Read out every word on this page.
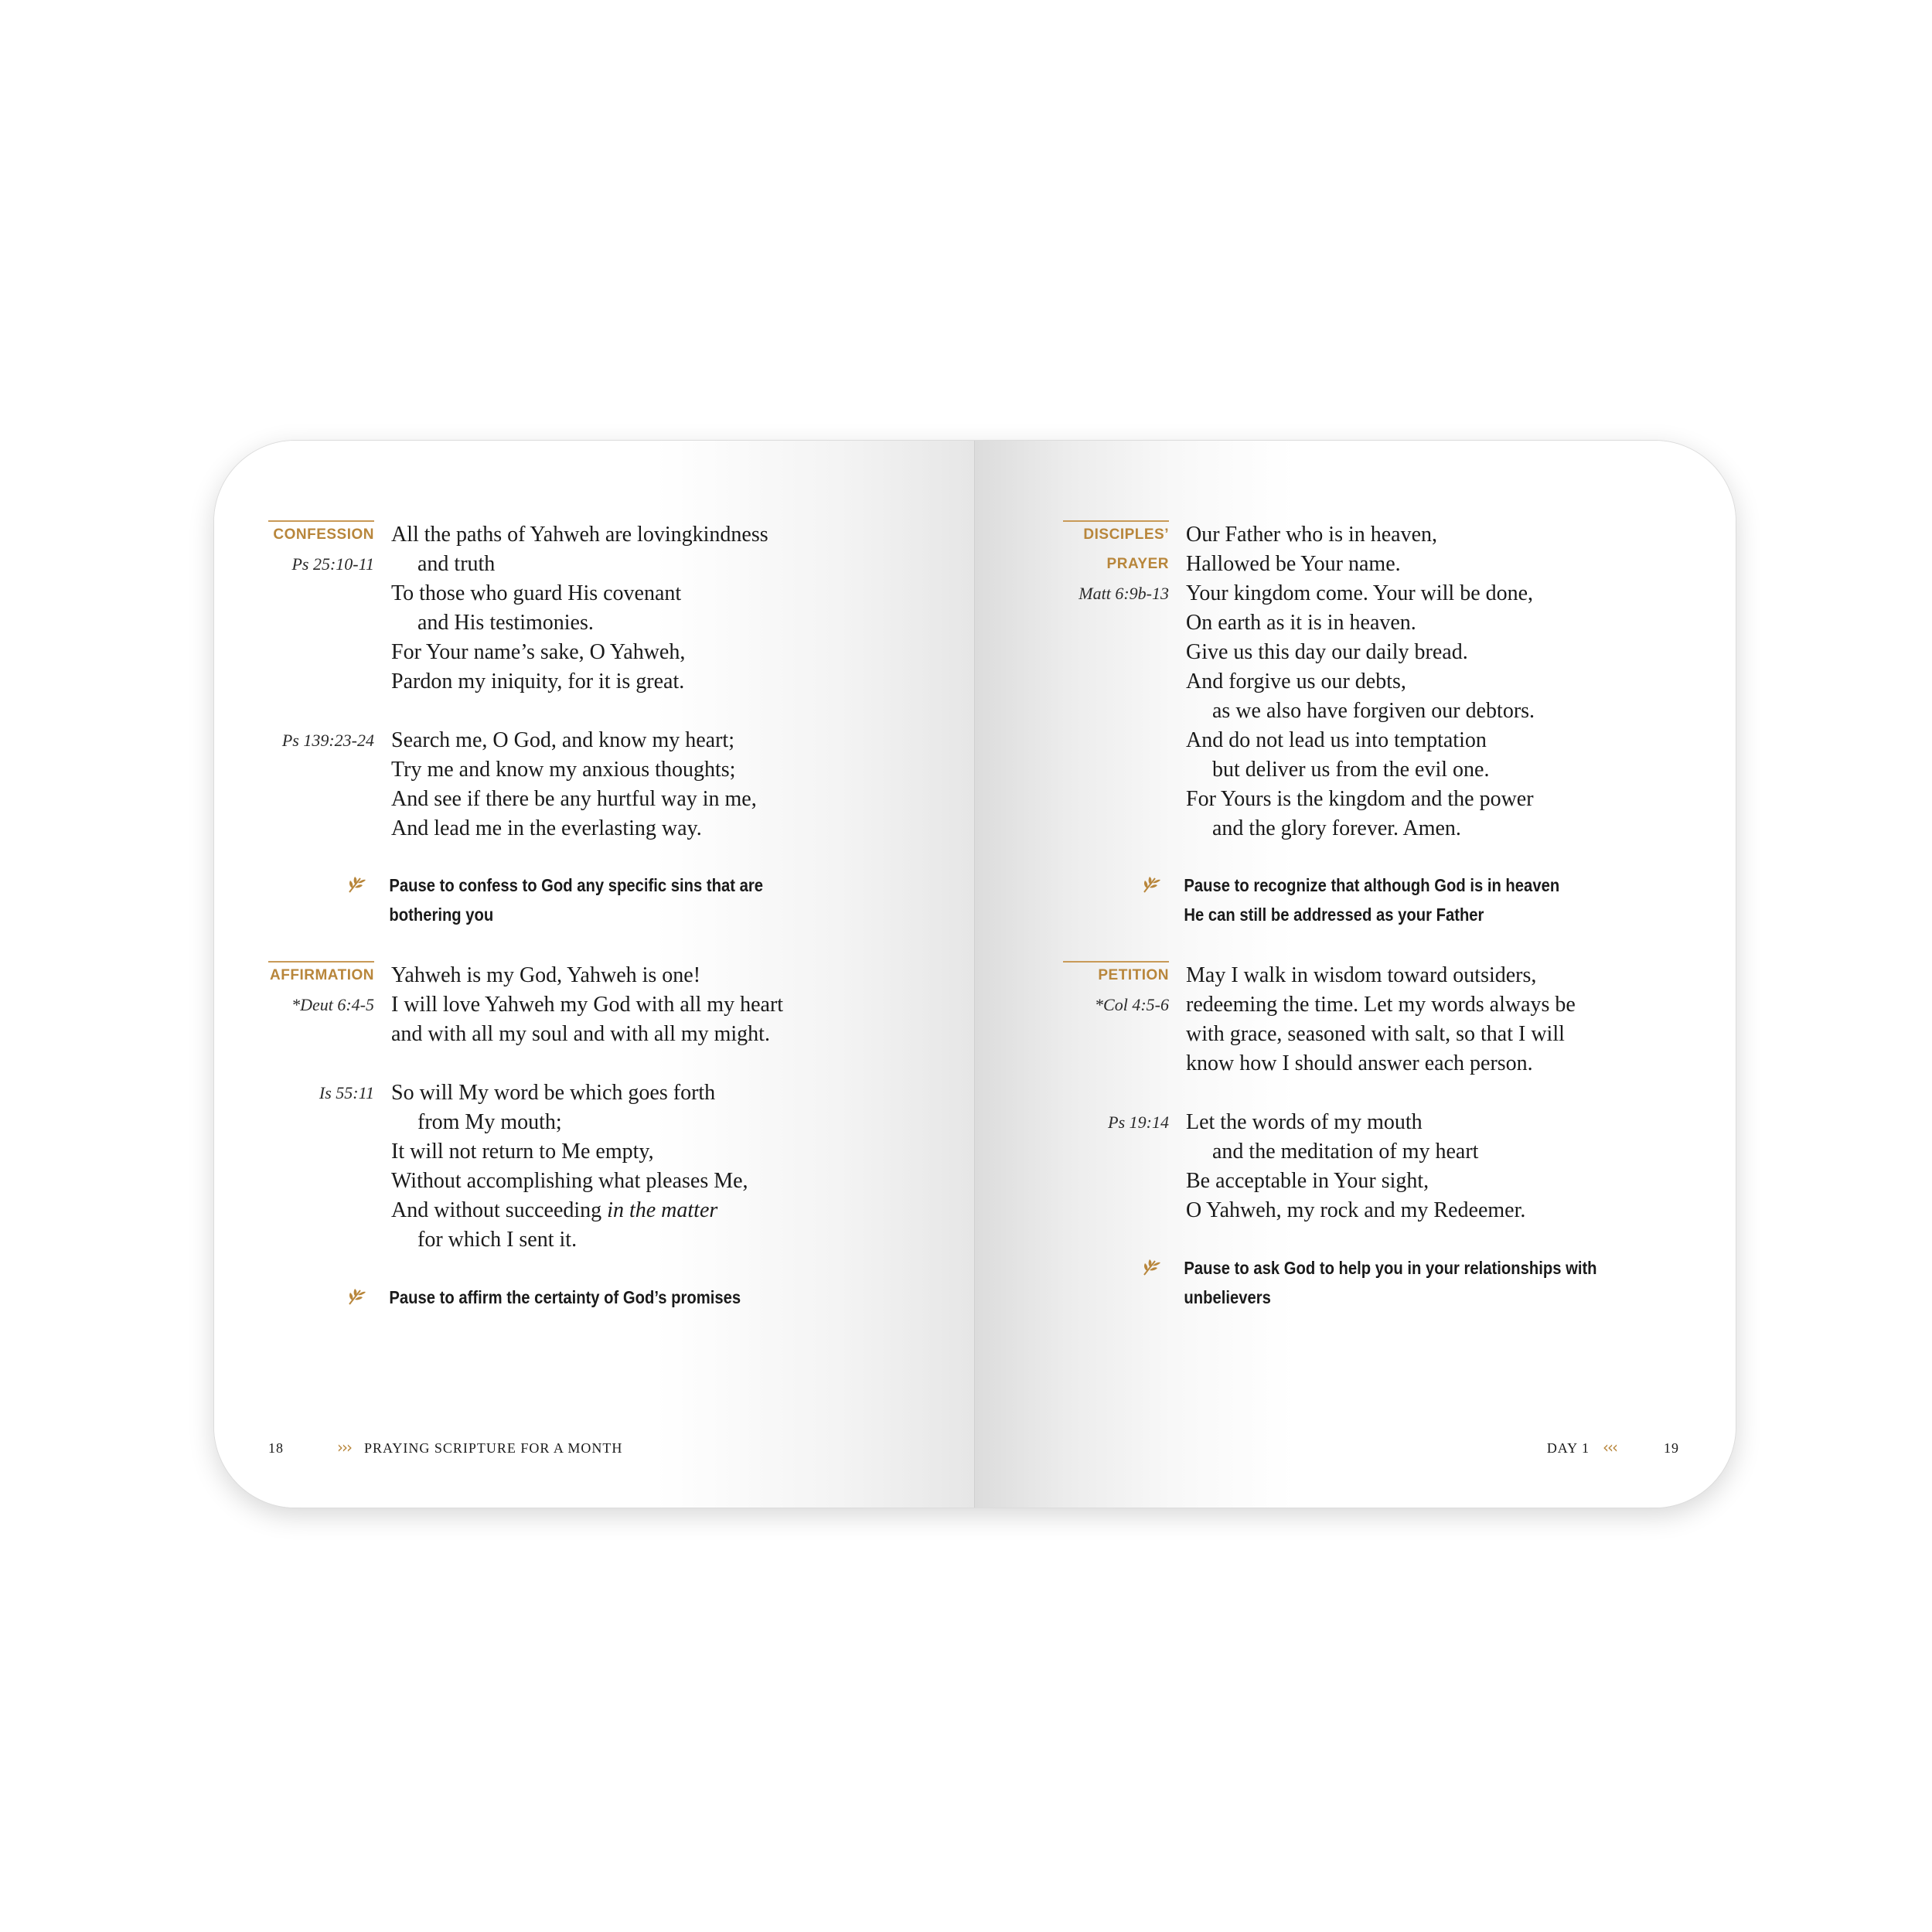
CONFESSION
Ps 25:10-11
All the paths of Yahweh are lovingkindness
and truth
To those who guard His covenant
and His testimonies.
For Your name’s sake, O Yahweh,
Pardon my iniquity, for it is great.
Ps 139:23-24 Search me, O God, and know my heart;
Try me and know my anxious thoughts;
And see if there be any hurtful way in me,
And lead me in the everlasting way.
Pause to confess to God any specific sins that are
bothering you
AFFIRMATION
*Deut 6:4-5
Yahweh is my God, Yahweh is one!
I will love Yahweh my God with all my heart
and with all my soul and with all my might.
Is 55:11 So will My word be which goes forth
from My mouth;
It will not return to Me empty,
Without accomplishing what pleases Me,
And without succeeding in the matter
for which I sent it.
Pause to affirm the certainty of God’s promises
18	››› PRAYING SCRIPTURE FOR A MONTH
DISCIPLES’
PRAYER
Matt 6:9b-13
Our Father who is in heaven,
Hallowed be Your name.
Your kingdom come. Your will be done,
On earth as it is in heaven.
Give us this day our daily bread.
And forgive us our debts,
as we also have forgiven our debtors.
And do not lead us into temptation
but deliver us from the evil one.
For Yours is the kingdom and the power
and the glory forever. Amen.
Pause to recognize that although God is in heaven
He can still be addressed as your Father
PETITION
*Col 4:5-6
May I walk in wisdom toward outsiders,
redeeming the time. Let my words always be
with grace, seasoned with salt, so that I will
know how I should answer each person.
Ps 19:14 Let the words of my mouth
and the meditation of my heart
Be acceptable in Your sight,
O Yahweh, my rock and my Redeemer.
Pause to ask God to help you in your relationships with
unbelievers
DAY 1 ‹‹‹	19
